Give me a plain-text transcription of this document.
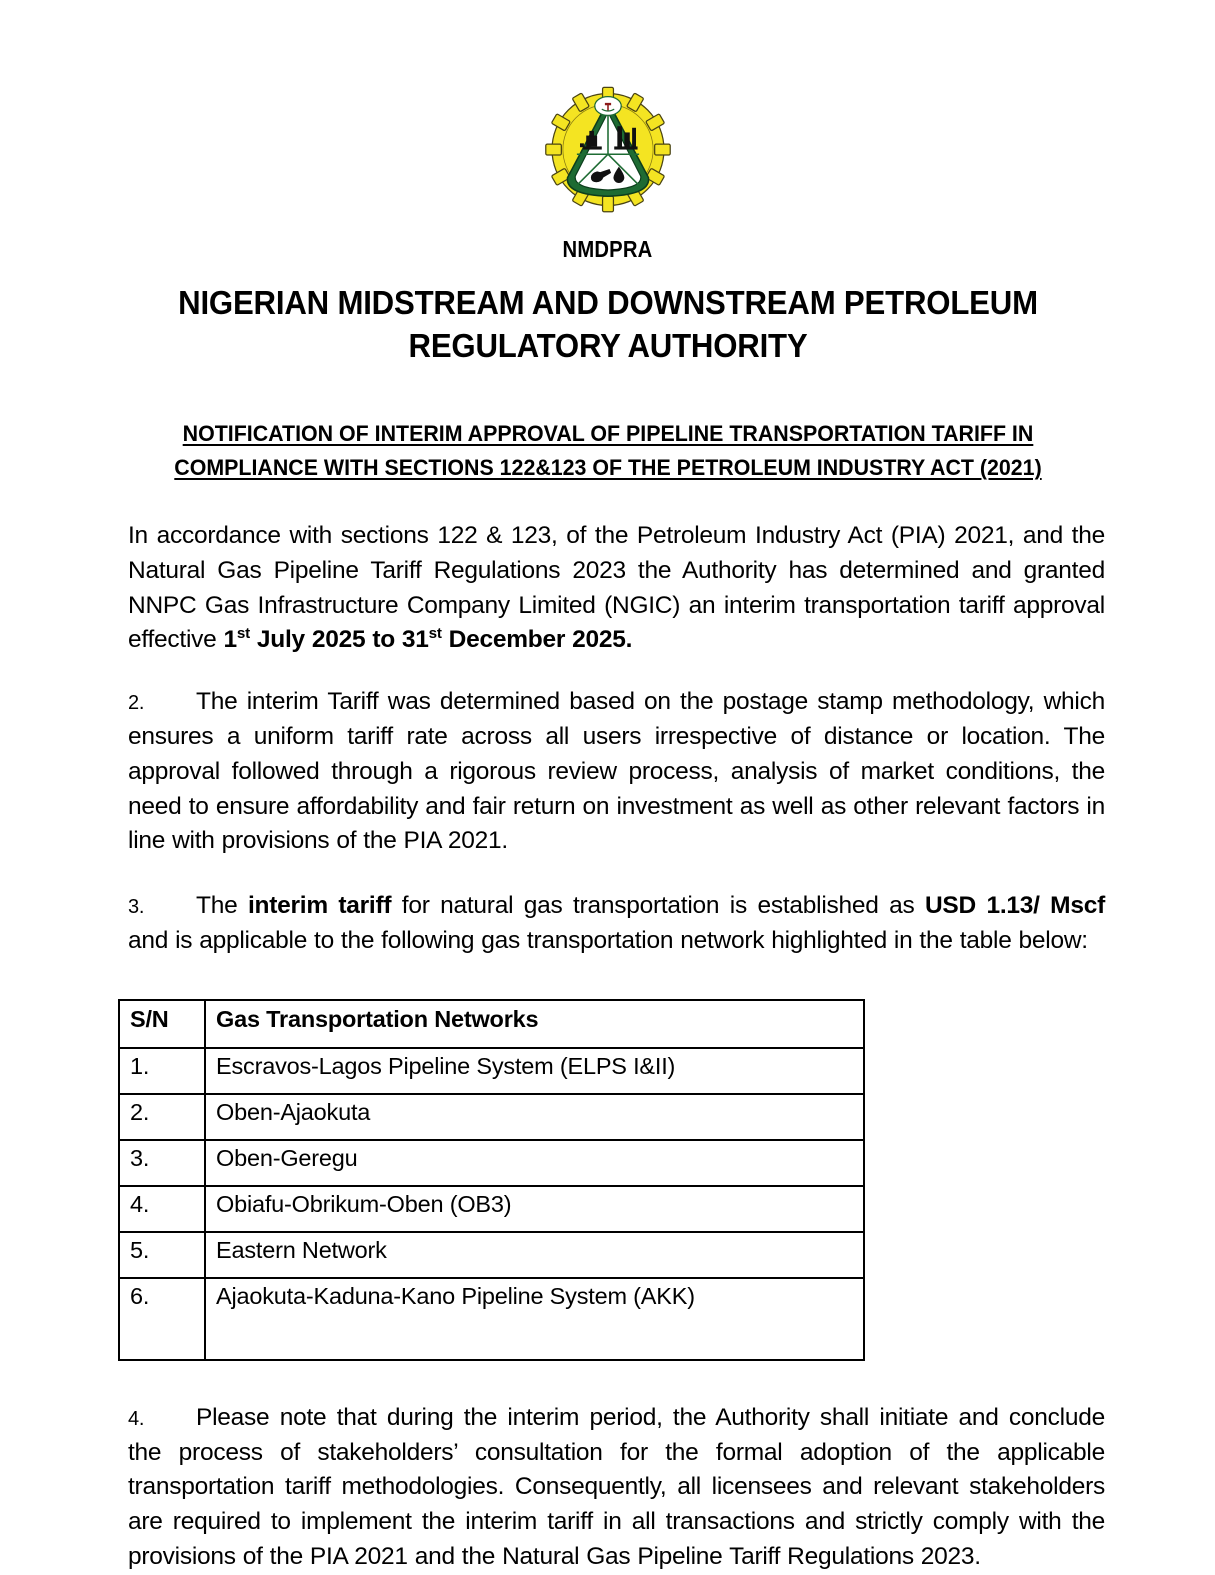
NMDPRA
NIGERIAN MIDSTREAM AND DOWNSTREAM PETROLEUM REGULATORY AUTHORITY
NOTIFICATION OF INTERIM APPROVAL OF PIPELINE TRANSPORTATION TARIFF IN COMPLIANCE WITH SECTIONS 122&123 OF THE PETROLEUM INDUSTRY ACT (2021)

In accordance with sections 122 & 123, of the Petroleum Industry Act (PIA) 2021, and the Natural Gas Pipeline Tariff Regulations 2023 the Authority has determined and granted NNPC Gas Infrastructure Company Limited (NGIC) an interim transportation tariff approval effective 1st July 2025 to 31st December 2025.

2. The interim Tariff was determined based on the postage stamp methodology, which ensures a uniform tariff rate across all users irrespective of distance or location. The approval followed through a rigorous review process, analysis of market conditions, the need to ensure affordability and fair return on investment as well as other relevant factors in line with provisions of the PIA 2021.

3. The interim tariff for natural gas transportation is established as USD 1.13/ Mscf and is applicable to the following gas transportation network highlighted in the table below:

S/N	Gas Transportation Networks
1.	Escravos-Lagos Pipeline System (ELPS I&II)
2.	Oben-Ajaokuta
3.	Oben-Geregu
4.	Obiafu-Obrikum-Oben (OB3)
5.	Eastern Network
6.	Ajaokuta-Kaduna-Kano Pipeline System (AKK)

4. Please note that during the interim period, the Authority shall initiate and conclude the process of stakeholders’ consultation for the formal adoption of the applicable transportation tariff methodologies. Consequently, all licensees and relevant stakeholders are required to implement the interim tariff in all transactions and strictly comply with the provisions of the PIA 2021 and the Natural Gas Pipeline Tariff Regulations 2023.
